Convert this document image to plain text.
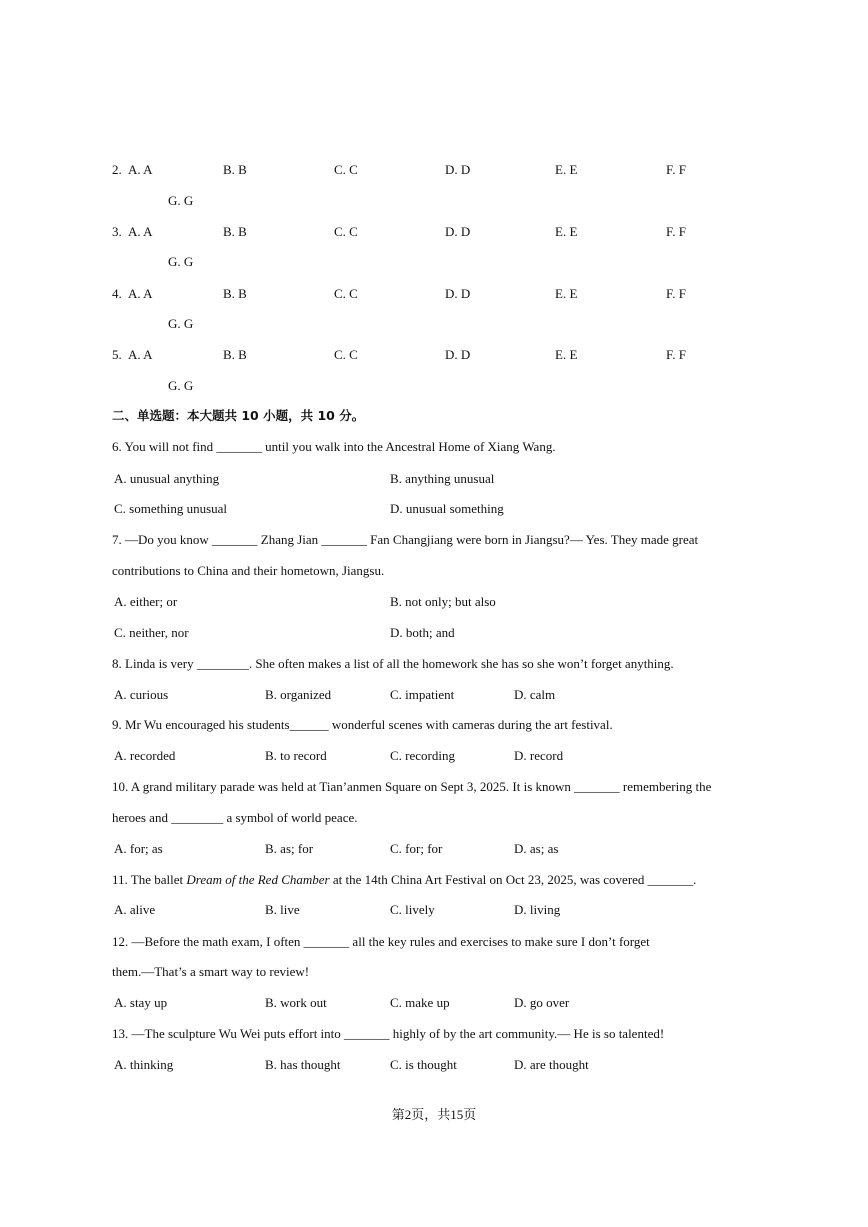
2. A. A	B. B	C. C	D. D	E. E	F. F
G. G
3. A. A	B. B	C. C	D. D	E. E	F. F
G. G
4. A. A	B. B	C. C	D. D	E. E	F. F
G. G
5. A. A	B. B	C. C	D. D	E. E	F. F
G. G
二、单选题：本大题共 10 小题，共 10 分。
6. You will not find _______ until you walk into the Ancestral Home of Xiang Wang.
A. unusual anything	B. anything unusual
C. something unusual	D. unusual something
7. —Do you know _______ Zhang Jian _______ Fan Changjiang were born in Jiangsu?— Yes. They made great
contributions to China and their hometown, Jiangsu.
A. either; or	B. not only; but also
C. neither, nor	D. both; and
8. Linda is very ________. She often makes a list of all the homework she has so she won’t forget anything.
A. curious	B. organized	C. impatient	D. calm
9. Mr Wu encouraged his students______ wonderful scenes with cameras during the art festival.
A. recorded	B. to record	C. recording	D. record
10. A grand military parade was held at Tian’anmen Square on Sept 3, 2025. It is known _______ remembering the
heroes and ________ a symbol of world peace.
A. for; as	B. as; for	C. for; for	D. as; as
11. The ballet Dream of the Red Chamber at the 14th China Art Festival on Oct 23, 2025, was covered _______.
A. alive	B. live	C. lively	D. living
12. —Before the math exam, I often _______ all the key rules and exercises to make sure I don’t forget
them.—That’s a smart way to review!
A. stay up	B. work out	C. make up	D. go over
13. —The sculpture Wu Wei puts effort into _______ highly of by the art community.— He is so talented!
A. thinking	B. has thought	C. is thought	D. are thought
第2页，共15页
